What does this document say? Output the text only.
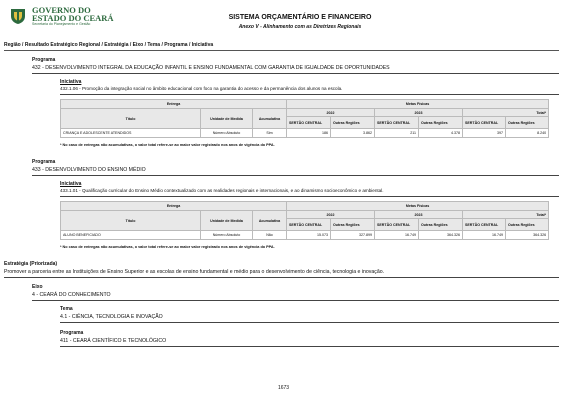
GOVERNO DO
ESTADO DO CEARÁ
Secretaria do Planejamento e Gestão
SISTEMA ORÇAMENTÁRIO E FINANCEIRO
Anexo V - Alinhamento com as Diretrizes Regionais
Região / Resultado Estratégico Regional / Estratégia / Eixo / Tema / Programa / Iniciativa
Programa
432 - DESENVOLVIMENTO INTEGRAL DA EDUCAÇÃO INFANTIL E ENSINO FUNDAMENTAL COM GARANTIA DE IGUALDADE DE OPORTUNIDADES
Iniciativa
432.1.06 - Promoção da integração social no âmbito educacional com foco na garantia do acesso e da permanência dos alunos na escola.
Entrega			Metas Físicas					
Título	Unidade de Medida	Acumulativa	2022		2023		Total*	
			SERTÃO CENTRAL	Outras Regiões	SERTÃO CENTRAL	Outras Regiões	SERTÃO CENTRAL	Outras Regiões
CRIANÇA E ADOLESCENTE ATENDIDOS	Número Absoluto	Sim	186	3.862	211	4.378	397	8.240
* No caso de entregas não acumulativas, o valor total refere-se ao maior valor registrado nos anos de vigência do PPA.
Programa
433 - DESENVOLVIMENTO DO ENSINO MÉDIO
Iniciativa
433.1.01 - Qualificação curricular do Ensino Médio contextualizado com as realidades regionais e internacionais, e ao dinamismo socioeconômico e ambiental.
Entrega			Metas Físicas					
Título	Unidade de Medida	Acumulativa	2022		2023		Total*	
			SERTÃO CENTRAL	Outras Regiões	SERTÃO CENTRAL	Outras Regiões	SERTÃO CENTRAL	Outras Regiões
ALUNO BENEFICIADO	Número Absoluto	Não	15.073	327.899	16.749	364.326	16.749	364.326
* No caso de entregas não acumulativas, o valor total refere-se ao maior valor registrado nos anos de vigência do PPA.
Estratégia (Priorizada)
Promover a parceria entre as Instituições de Ensino Superior e as escolas de ensino fundamental e médio para o desenvolvimento de ciência, tecnologia e inovação.
Eixo
4 - CEARÁ DO CONHECIMENTO
Tema
4.1 - CIÊNCIA, TECNOLOGIA E INOVAÇÃO
Programa
411 - CEARÁ CIENTÍFICO E TECNOLÓGICO
1673
